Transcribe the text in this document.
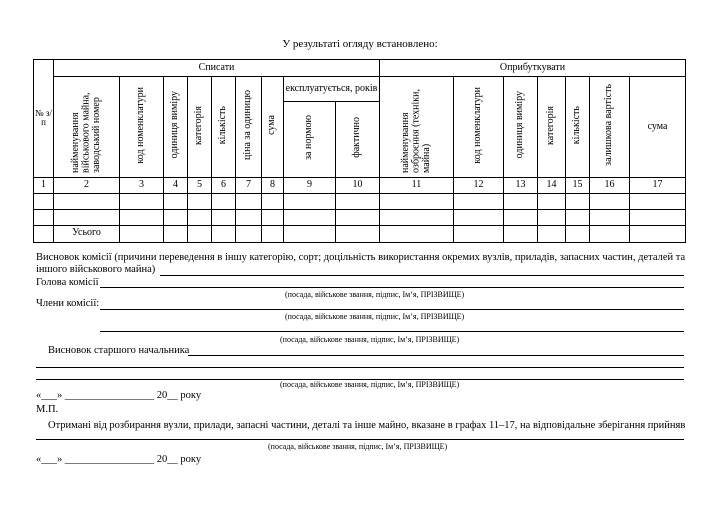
У результаті огляду встановлено:
№ з/п	Списати									Оприбуткувати						
	найменування військового майна, заводський номер	код номенклатури	одиниця виміру	категорія	кількість	ціна за одиницю	сума	експлуатується, років		найменування озброєння (техніки, майна)	код номенклатури	одиниця виміру	категорія	кількість	залишкова вартість	сума
								за нормою	фактично							
1	2	3	4	5	6	7	8	9	10	11	12	13	14	15	16	17

	Усього															
Висновок комісії (причини переведення в іншу категорію, сорт; доцільність використання окремих вузлів, приладів, запасних частин, деталей та іншого військового майна)
Голова комісії
(посада, військове звання, підпис, Ім’я, ПРІЗВИЩЕ)
Члени комісії:
(посада, військове звання, підпис, Ім’я, ПРІЗВИЩЕ)
(посада, військове звання, підпис, Ім’я, ПРІЗВИЩЕ)
Висновок старшого начальника
(посада, військове звання, підпис, Ім’я, ПРІЗВИЩЕ)
«___» _________________ 20__ року
М.П.
Отримані від розбирання вузли, прилади, запасні частини, деталі та інше майно, вказане в графах 11–17, на відповідальне зберігання прийняв
(посада, військове звання, підпис, Ім’я, ПРІЗВИЩЕ)
«___» _________________ 20__ року
